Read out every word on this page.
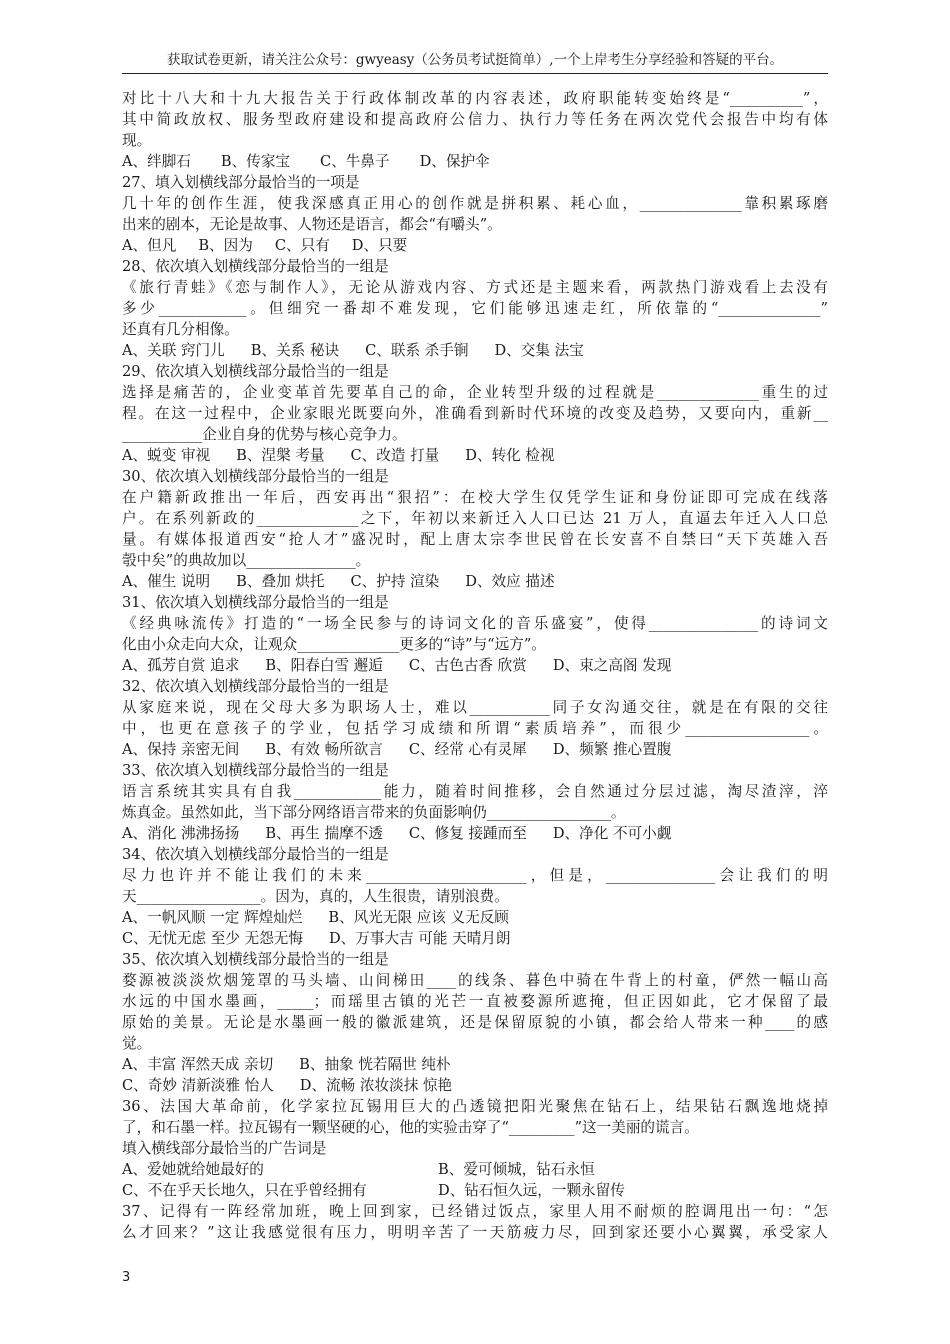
获取试卷更新，请关注公众号：gwyeasy（公务员考试挺简单）,一个上岸考生分享经验和答疑的平台。
对比十八大和十九大报告关于行政体制改革的内容表述，政府职能转变始终是“__________”，
其中简政放权、服务型政府建设和提高政府公信力、执行力等任务在两次党代会报告中均有体
现。
A、绊脚石 B、传家宝 C、牛鼻子 D、保护伞
27、填入划横线部分最恰当的一项是
几十年的创作生涯，使我深感真正用心的创作就是拼积累、耗心血，______________靠积累琢磨
出来的剧本，无论是故事、人物还是语言，都会“有嚼头”。
A、但凡 B、因为 C、只有 D、只要
28、依次填入划横线部分最恰当的一组是
《旅行青蛙》《恋与制作人》，无论从游戏内容、方式还是主题来看，两款热门游戏看上去没有
多少____________。但细究一番却不难发现，它们能够迅速走红，所依靠的“______________”
还真有几分相像。
A、关联 窍门儿 B、关系 秘诀 C、联系 杀手锏 D、交集 法宝
29、依次填入划横线部分最恰当的一组是
选择是痛苦的，企业变革首先要革自己的命，企业转型升级的过程就是______________重生的过
程。在这一过程中，企业家眼光既要向外，准确看到新时代环境的改变及趋势，又要向内，重新__
___________企业自身的优势与核心竞争力。
A、蜕变 审视 B、涅槃 考量 C、改造 打量 D、转化 检视
30、依次填入划横线部分最恰当的一组是
在户籍新政推出一年后，西安再出“狠招”：在校大学生仅凭学生证和身份证即可完成在线落
户。在系列新政的______________之下，年初以来新迁入人口已达 21 万人，直逼去年迁入人口总
量。有媒体报道西安“抢人才”盛况时，配上唐太宗李世民曾在长安喜不自禁曰“天下英雄入吾
彀中矣”的典故加以_______________。
A、催生 说明 B、叠加 烘托 C、护持 渲染 D、效应 描述
31、依次填入划横线部分最恰当的一组是
《经典咏流传》打造的“一场全民参与的诗词文化的音乐盛宴”，使得_______________的诗词文
化由小众走向大众，让观众______________更多的“诗”与“远方”。
A、孤芳自赏 追求 B、阳春白雪 邂逅 C、古色古香 欣赏 D、束之高阁 发现
32、依次填入划横线部分最恰当的一组是
从家庭来说，现在父母大多为职场人士，难以___________同子女沟通交往，就是在有限的交往
中，也更在意孩子的学业，包括学习成绩和所谓“素质培养”，而很少_________________。
A、保持 亲密无间 B、有效 畅所欲言 C、经常 心有灵犀 D、频繁 推心置腹
33、依次填入划横线部分最恰当的一组是
语言系统其实具有自我____________能力，随着时间推移，会自然通过分层过滤，淘尽渣滓，淬
炼真金。虽然如此，当下部分网络语言带来的负面影响仍_________________。
A、消化 沸沸扬扬 B、再生 揣摩不透 C、修复 接踵而至 D、净化 不可小觑
34、依次填入划横线部分最恰当的一组是
尽力也许并不能让我们的未来______________________，但是，_______________会让我们的明
天_________________。因为，真的，人生很贵，请别浪费。
A、一帆风顺 一定 辉煌灿烂 B、风光无限 应该 义无反顾
C、无忧无虑 至少 无怨无悔 D、万事大吉 可能 天晴月朗
35、依次填入划横线部分最恰当的一组是
婺源被淡淡炊烟笼罩的马头墙、山间梯田____的线条、暮色中骑在牛背上的村童，俨然一幅山高
水远的中国水墨画，_____；而瑶里古镇的光芒一直被婺源所遮掩，但正因如此，它才保留了最
原始的美景。无论是水墨画一般的徽派建筑，还是保留原貌的小镇，都会给人带来一种____的感
觉。
A、丰富 浑然天成 亲切 B、抽象 恍若隔世 纯朴
C、奇妙 清新淡雅 怡人 D、流畅 浓妆淡抹 惊艳
36、法国大革命前，化学家拉瓦锡用巨大的凸透镜把阳光聚焦在钻石上，结果钻石飘逸地烧掉
了，和石墨一样。拉瓦锡有一颗坚硬的心，他的实验击穿了“_________”这一美丽的谎言。
填入横线部分最恰当的广告词是
A、爱她就给她最好的	B、爱可倾城，钻石永恒
C、不在乎天长地久，只在乎曾经拥有	D、钻石恒久远，一颗永留传
37、记得有一阵经常加班，晚上回到家，已经错过饭点，家里人用不耐烦的腔调甩出一句：“怎
么才回来？”这让我感觉很有压力，明明辛苦了一天筋疲力尽，回到家还要小心翼翼，承受家人
3
